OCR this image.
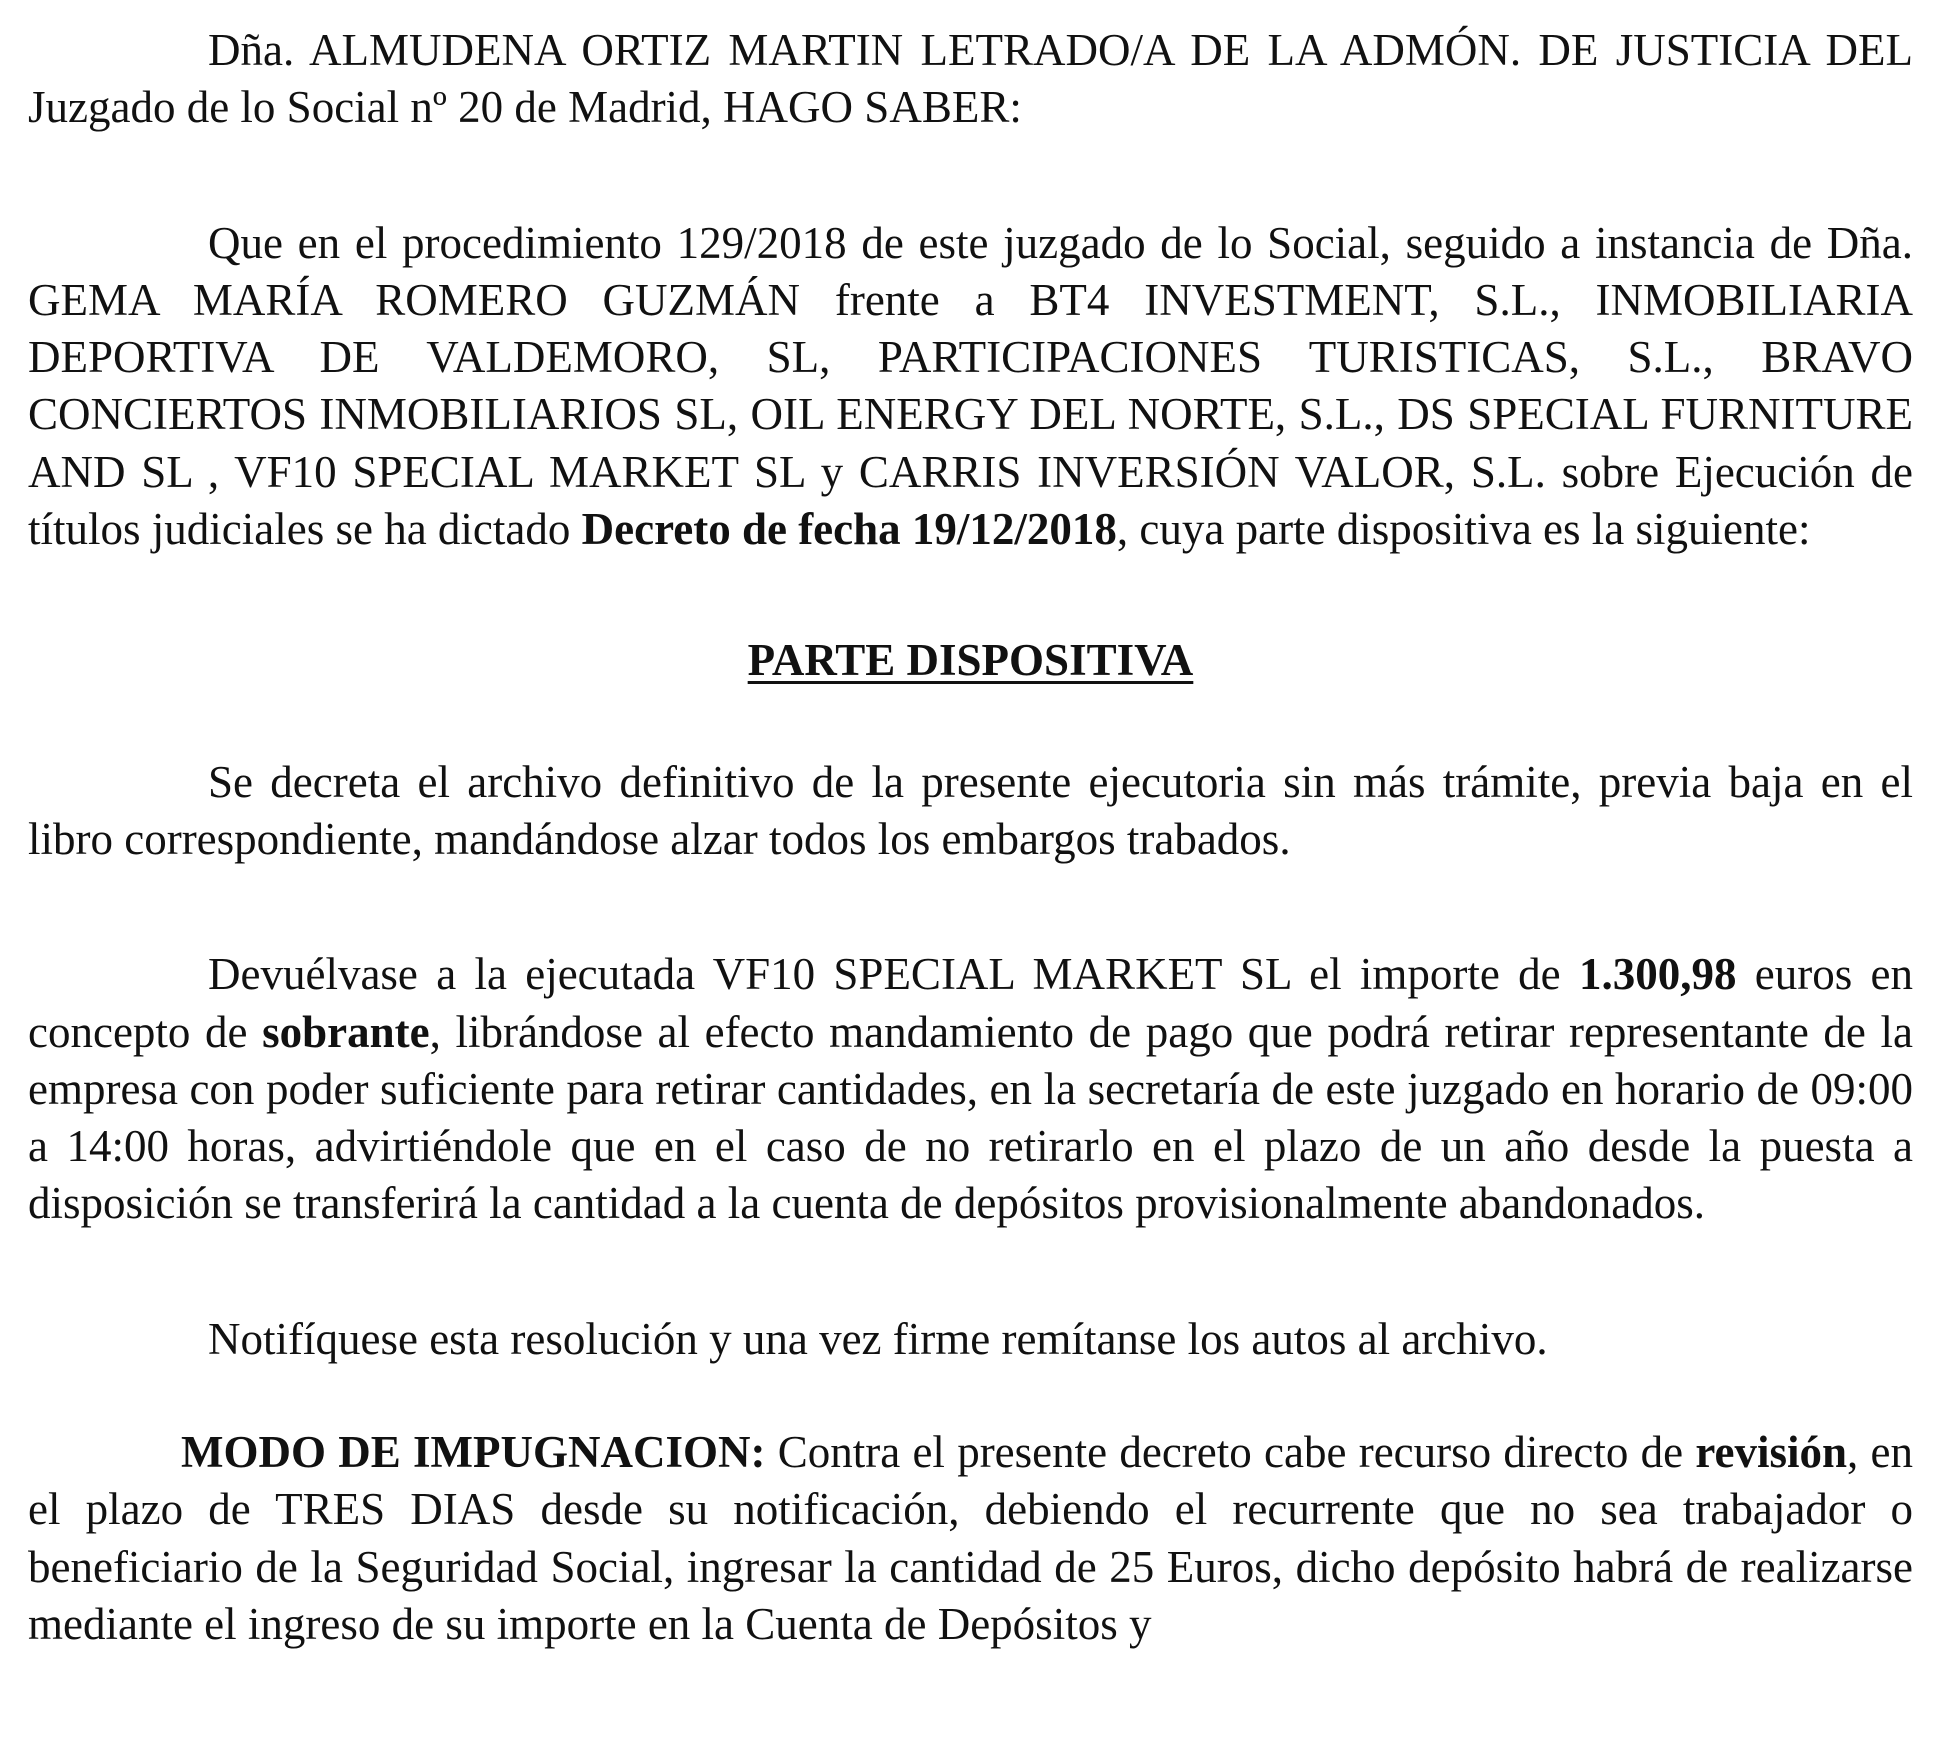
Dña. ALMUDENA ORTIZ MARTIN LETRADO/A DE LA ADMÓN. DE JUSTICIA DEL Juzgado de lo Social nº 20 de Madrid, HAGO SABER:

Que en el procedimiento 129/2018 de este juzgado de lo Social, seguido a instancia de Dña. GEMA MARÍA ROMERO GUZMÁN frente a BT4 INVESTMENT, S.L., INMOBILIARIA DEPORTIVA DE VALDEMORO, SL, PARTICIPACIONES TURISTICAS, S.L., BRAVO CONCIERTOS INMOBILIARIOS SL, OIL ENERGY DEL NORTE, S.L., DS SPECIAL FURNITURE AND SL , VF10 SPECIAL MARKET SL y CARRIS INVERSIÓN VALOR, S.L. sobre Ejecución de títulos judiciales se ha dictado Decreto de fecha 19/12/2018, cuya parte dispositiva es la siguiente:

PARTE DISPOSITIVA

Se decreta el archivo definitivo de la presente ejecutoria sin más trámite, previa baja en el libro correspondiente, mandándose alzar todos los embargos trabados.

Devuélvase a la ejecutada VF10 SPECIAL MARKET SL el importe de 1.300,98 euros en concepto de sobrante, librándose al efecto mandamiento de pago que podrá retirar representante de la empresa con poder suficiente para retirar cantidades, en la secretaría de este juzgado en horario de 09:00 a 14:00 horas, advirtiéndole que en el caso de no retirarlo en el plazo de un año desde la puesta a disposición se transferirá la cantidad a la cuenta de depósitos provisionalmente abandonados.

Notifíquese esta resolución y una vez firme remítanse los autos al archivo.

MODO DE IMPUGNACION: Contra el presente decreto cabe recurso directo de revisión, en el plazo de TRES DIAS desde su notificación, debiendo el recurrente que no sea trabajador o beneficiario de la Seguridad Social, ingresar la cantidad de 25 Euros, dicho depósito habrá de realizarse mediante el ingreso de su importe en la Cuenta de Depósitos y
